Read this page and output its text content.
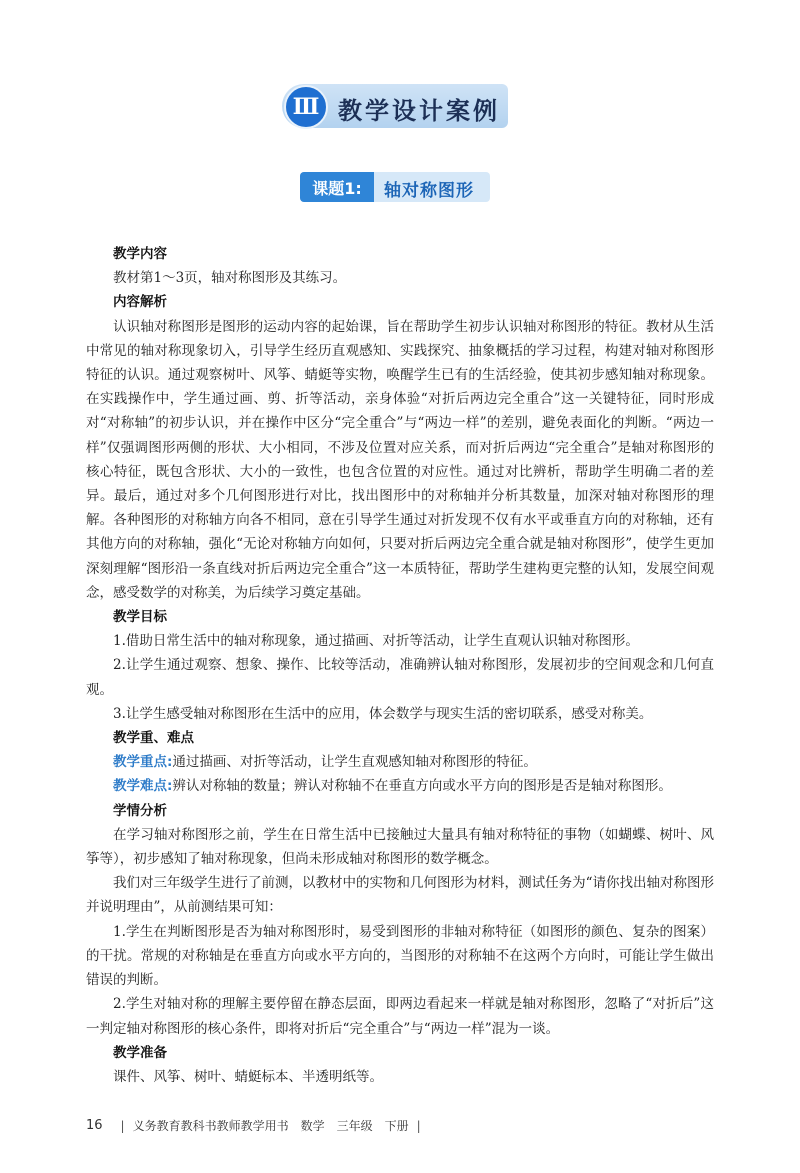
Ⅲ 教学设计案例
课题1:	轴对称图形
教学内容
教材第1～3页，轴对称图形及其练习。
内容解析
认识轴对称图形是图形的运动内容的起始课，旨在帮助学生初步认识轴对称图形的特征。教材从生活中常见的轴对称现象切入，引导学生经历直观感知、实践探究、抽象概括的学习过程，构建对轴对称图形特征的认识。通过观察树叶、风筝、蜻蜓等实物，唤醒学生已有的生活经验，使其初步感知轴对称现象。在实践操作中，学生通过画、剪、折等活动，亲身体验“对折后两边完全重合”这一关键特征，同时形成对“对称轴”的初步认识，并在操作中区分“完全重合”与“两边一样”的差别，避免表面化的判断。“两边一样”仅强调图形两侧的形状、大小相同，不涉及位置对应关系，而对折后两边“完全重合”是轴对称图形的核心特征，既包含形状、大小的一致性，也包含位置的对应性。通过对比辨析，帮助学生明确二者的差异。最后，通过对多个几何图形进行对比，找出图形中的对称轴并分析其数量，加深对轴对称图形的理解。各种图形的对称轴方向各不相同，意在引导学生通过对折发现不仅有水平或垂直方向的对称轴，还有其他方向的对称轴，强化“无论对称轴方向如何，只要对折后两边完全重合就是轴对称图形”，使学生更加深刻理解“图形沿一条直线对折后两边完全重合”这一本质特征，帮助学生建构更完整的认知，发展空间观念，感受数学的对称美，为后续学习奠定基础。
教学目标
1.借助日常生活中的轴对称现象，通过描画、对折等活动，让学生直观认识轴对称图形。
2.让学生通过观察、想象、操作、比较等活动，准确辨认轴对称图形，发展初步的空间观念和几何直观。
3.让学生感受轴对称图形在生活中的应用，体会数学与现实生活的密切联系，感受对称美。
教学重、难点
教学重点:通过描画、对折等活动，让学生直观感知轴对称图形的特征。
教学难点:辨认对称轴的数量；辨认对称轴不在垂直方向或水平方向的图形是否是轴对称图形。
学情分析
在学习轴对称图形之前，学生在日常生活中已接触过大量具有轴对称特征的事物（如蝴蝶、树叶、风筝等），初步感知了轴对称现象，但尚未形成轴对称图形的数学概念。
我们对三年级学生进行了前测，以教材中的实物和几何图形为材料，测试任务为“请你找出轴对称图形并说明理由”，从前测结果可知：
1.学生在判断图形是否为轴对称图形时，易受到图形的非轴对称特征（如图形的颜色、复杂的图案）的干扰。常规的对称轴是在垂直方向或水平方向的，当图形的对称轴不在这两个方向时，可能让学生做出错误的判断。
2.学生对轴对称的理解主要停留在静态层面，即两边看起来一样就是轴对称图形，忽略了“对折后”这一判定轴对称图形的核心条件，即将对折后“完全重合”与“两边一样”混为一谈。
教学准备
课件、风筝、树叶、蜻蜓标本、半透明纸等。
16 | 义务教育教科书教师教学用书 数学 三年级 下册 |
